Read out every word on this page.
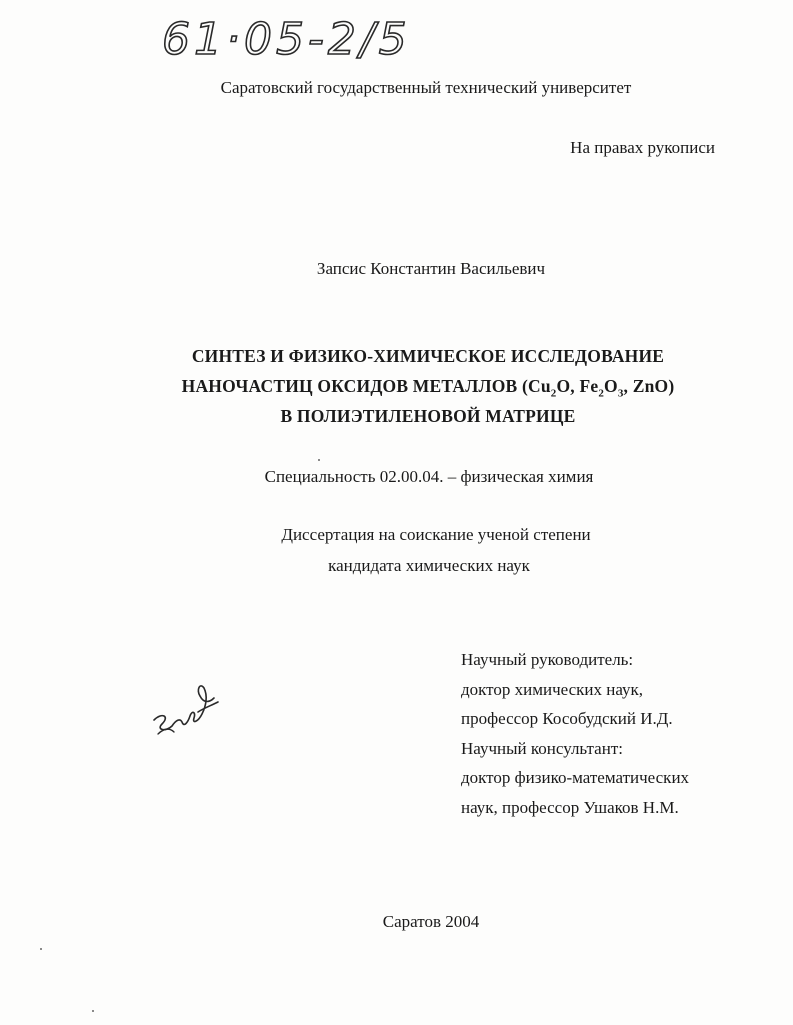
61·05-2/5
Саратовский государственный технический университет
На правах рукописи
Запсис Константин Васильевич
СИНТЕЗ И ФИЗИКО-ХИМИЧЕСКОЕ ИССЛЕДОВАНИЕ
НАНОЧАСТИЦ ОКСИДОВ МЕТАЛЛОВ ($Cu_2O$, $Fe_2O_3$, ZnO)
В ПОЛИЭТИЛЕНОВОЙ МАТРИЦЕ
Специальность 02.00.04. – физическая химия
Диссертация на соискание ученой степени
кандидата химических наук
Научный руководитель:
доктор химических наук,
профессор Кособудский И.Д.
Научный консультант:
доктор физико-математических
наук, профессор Ушаков Н.М.
Саратов 2004
